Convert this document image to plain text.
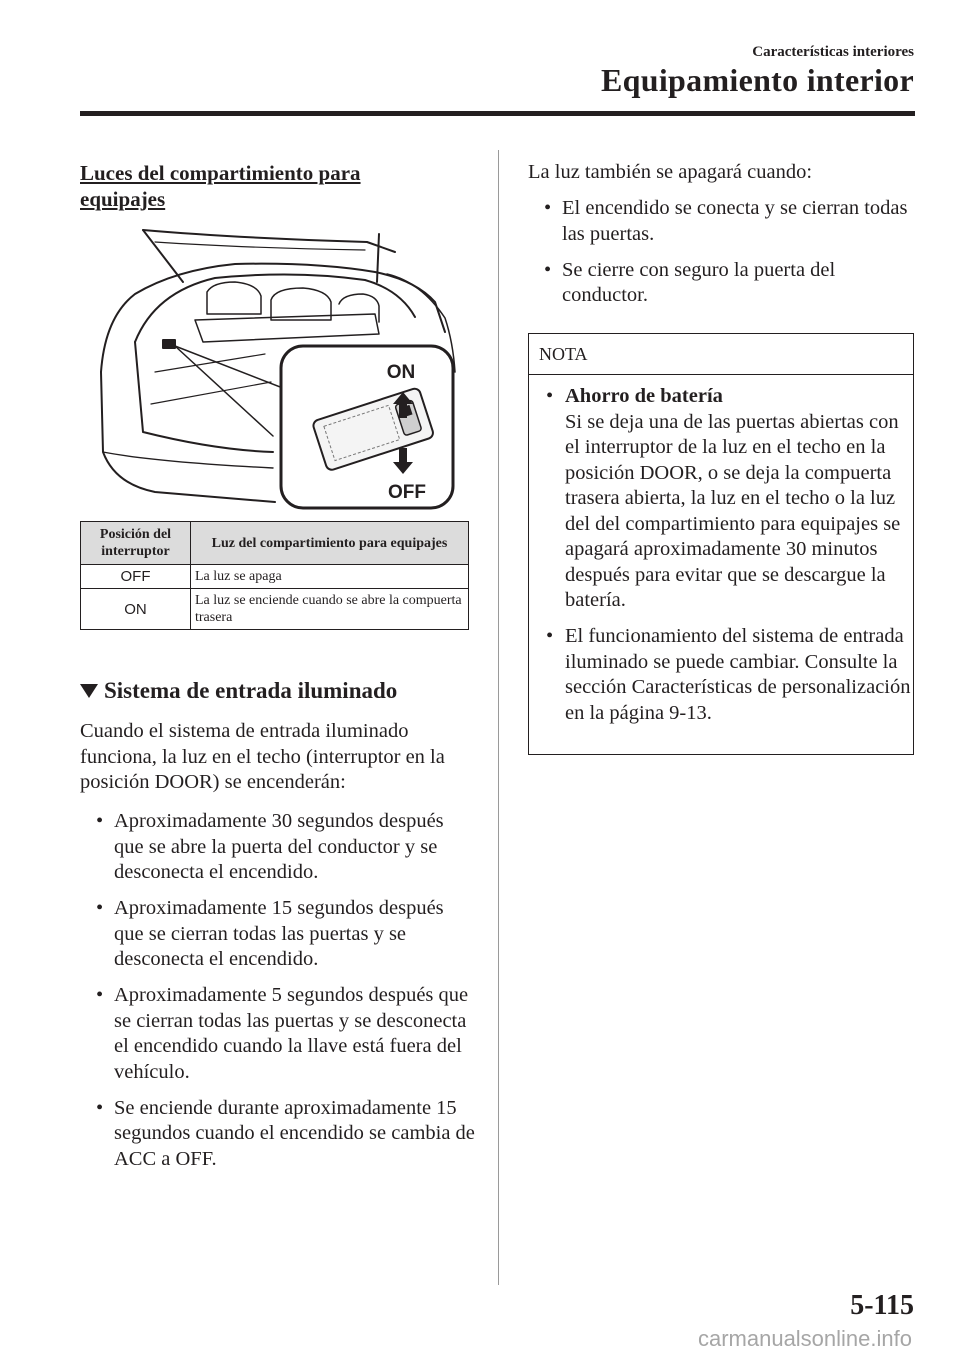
Características interiores
Equipamiento interior
Luces del compartimiento para equipajes
ON
OFF
Posición del interruptor	Luz del compartimiento para equipajes
OFF	La luz se apaga
ON	La luz se enciende cuando se abre la compuerta trasera
Sistema de entrada iluminado
Cuando el sistema de entrada iluminado funciona, la luz en el techo (interruptor en la posición DOOR) se encenderán:
• Aproximadamente 30 segundos después que se abre la puerta del conductor y se desconecta el encendido.
• Aproximadamente 15 segundos después que se cierran todas las puertas y se desconecta el encendido.
• Aproximadamente 5 segundos después que se cierran todas las puertas y se desconecta el encendido cuando la llave está fuera del vehículo.
• Se enciende durante aproximadamente 15 segundos cuando el encendido se cambia de ACC a OFF.
La luz también se apagará cuando:
• El encendido se conecta y se cierran todas las puertas.
• Se cierre con seguro la puerta del conductor.
NOTA
• Ahorro de batería
Si se deja una de las puertas abiertas con el interruptor de la luz en el techo en la posición DOOR, o se deja la compuerta trasera abierta, la luz en el techo o la luz del del compartimiento para equipajes se apagará aproximadamente 30 minutos después para evitar que se descargue la batería.
• El funcionamiento del sistema de entrada iluminado se puede cambiar. Consulte la sección Características de personalización en la página 9-13.
5-115
carmanualsonline.info
